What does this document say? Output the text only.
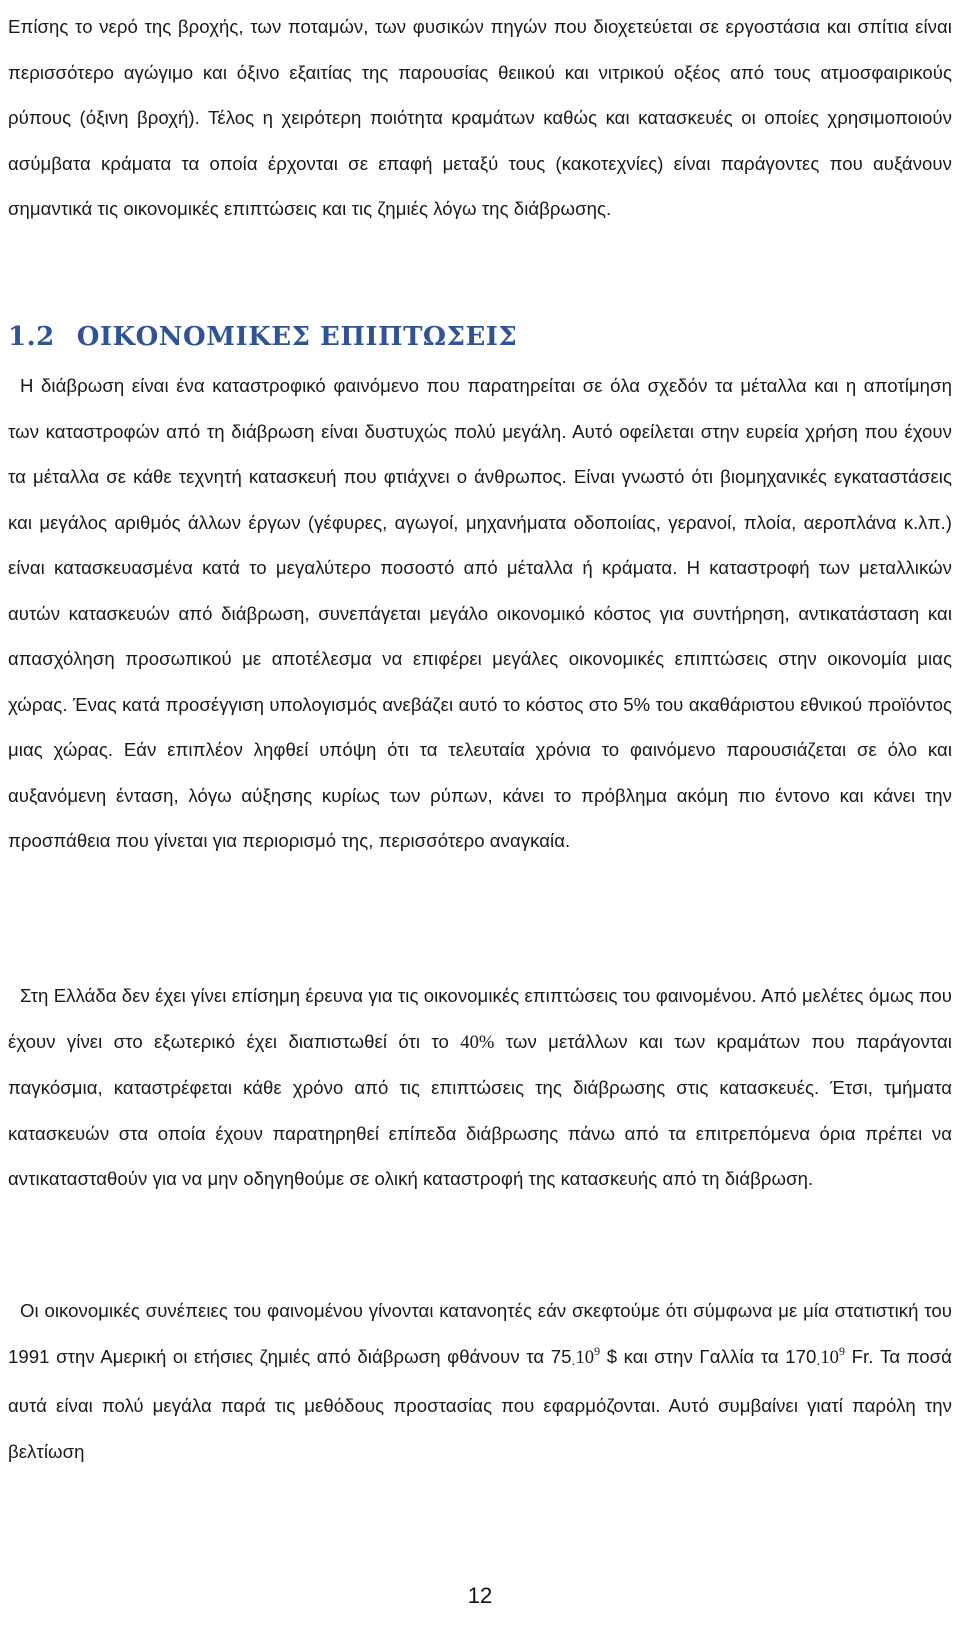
Επίσης το νερό της βροχής, των ποταμών, των φυσικών πηγών που διοχετεύεται σε εργοστάσια και σπίτια είναι περισσότερο αγώγιμο και όξινο εξαιτίας της παρουσίας θειικού και νιτρικού οξέος από τους ατμοσφαιρικούς ρύπους (όξινη βροχή). Τέλος η χειρότερη ποιότητα κραμάτων καθώς και κατασκευές οι οποίες χρησιμοποιούν ασύμβατα κράματα τα οποία έρχονται σε επαφή μεταξύ τους (κακοτεχνίες) είναι παράγοντες που αυξάνουν σημαντικά τις οικονομικές επιπτώσεις και τις ζημιές λόγω της διάβρωσης.

1.2 ΟΙΚΟΝΟΜΙΚΕΣ ΕΠΙΠΤΩΣΕΙΣ

Η διάβρωση είναι ένα καταστροφικό φαινόμενο που παρατηρείται σε όλα σχεδόν τα μέταλλα και η αποτίμηση των καταστροφών από τη διάβρωση είναι δυστυχώς πολύ μεγάλη. Αυτό οφείλεται στην ευρεία χρήση που έχουν τα μέταλλα σε κάθε τεχνητή κατασκευή που φτιάχνει ο άνθρωπος. Είναι γνωστό ότι βιομηχανικές εγκαταστάσεις και μεγάλος αριθμός άλλων έργων (γέφυρες, αγωγοί, μηχανήματα οδοποιίας, γερανοί, πλοία, αεροπλάνα κ.λπ.) είναι κατασκευασμένα κατά το μεγαλύτερο ποσοστό από μέταλλα ή κράματα. Η καταστροφή των μεταλλικών αυτών κατασκευών από διάβρωση, συνεπάγεται μεγάλο οικονομικό κόστος για συντήρηση, αντικατάσταση και απασχόληση προσωπικού με αποτέλεσμα να επιφέρει μεγάλες οικονομικές επιπτώσεις στην οικονομία μιας χώρας. Ένας κατά προσέγγιση υπολογισμός ανεβάζει αυτό το κόστος στο 5% του ακαθάριστου εθνικού προϊόντος μιας χώρας. Εάν επιπλέον ληφθεί υπόψη ότι τα τελευταία χρόνια το φαινόμενο παρουσιάζεται σε όλο και αυξανόμενη ένταση, λόγω αύξησης κυρίως των ρύπων, κάνει το πρόβλημα ακόμη πιο έντονο και κάνει την προσπάθεια που γίνεται για περιορισμό της, περισσότερο αναγκαία.

Στη Ελλάδα δεν έχει γίνει επίσημη έρευνα για τις οικονομικές επιπτώσεις του φαινομένου. Από μελέτες όμως που έχουν γίνει στο εξωτερικό έχει διαπιστωθεί ότι το 40% των μετάλλων και των κραμάτων που παράγονται παγκόσμια, καταστρέφεται κάθε χρόνο από τις επιπτώσεις της διάβρωσης στις κατασκευές. Έτσι, τμήματα κατασκευών στα οποία έχουν παρατηρηθεί επίπεδα διάβρωσης πάνω από τα επιτρεπόμενα όρια πρέπει να αντικατασταθούν για να μην οδηγηθούμε σε ολική καταστροφή της κατασκευής από τη διάβρωση.

Οι οικονομικές συνέπειες του φαινομένου γίνονται κατανοητές εάν σκεφτούμε ότι σύμφωνα με μία στατιστική του 1991 στην Αμερική οι ετήσιες ζημιές από διάβρωση φθάνουν τα 75.10$^9$ $ και στην Γαλλία τα 170.10$^9$ Fr. Τα ποσά αυτά είναι πολύ μεγάλα παρά τις μεθόδους προστασίας που εφαρμόζονται. Αυτό συμβαίνει γιατί παρόλη την βελτίωση

12
